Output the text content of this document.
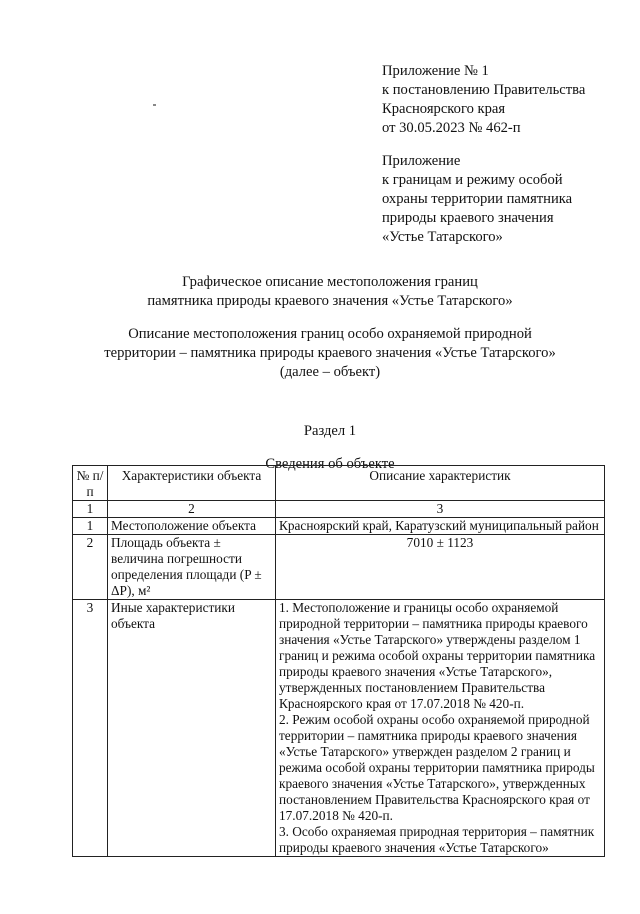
Приложение № 1

к постановлению Правительства

Красноярского края

от 30.05.2023 № 462-п

Приложение

к границам и режиму особой

охраны территории памятника

природы краевого значения

«Устье Татарского»

Графическое описание местоположения границ

памятника природы краевого значения «Устье Татарского»

Описание местоположения границ особо охраняемой природной

территории – памятника природы краевого значения «Устье Татарского»

(далее – объект)

Раздел 1
Сведения об объекте
№ п/п	Характеристики объекта	Описание характеристик
1	2	3
1	Местоположение объекта	Красноярский край, Каратузский муниципальный район
2	Площадь объекта ± величина погрешности определения площади (P ± ΔP), м²	7010 ± 1123
3	Иные характеристики объекта	1. Местоположение и границы особо охраняемой природной территории – памятника природы краевого значения «Устье Татарского» утверждены разделом 1 границ и режима особой охраны территории памятника природы краевого значения «Устье Татарского», утвержденных постановлением Правительства Красноярского края от 17.07.2018 № 420-п.
2. Режим особой охраны особо охраняемой природной территории – памятника природы краевого значения «Устье Татарского» утвержден разделом 2 границ и режима особой охраны территории памятника природы краевого значения «Устье Татарского», утвержденных постановлением Правительства Красноярского края от 17.07.2018 № 420-п.
3. Особо охраняемая природная территория – памятник природы краевого значения «Устье Татарского»
